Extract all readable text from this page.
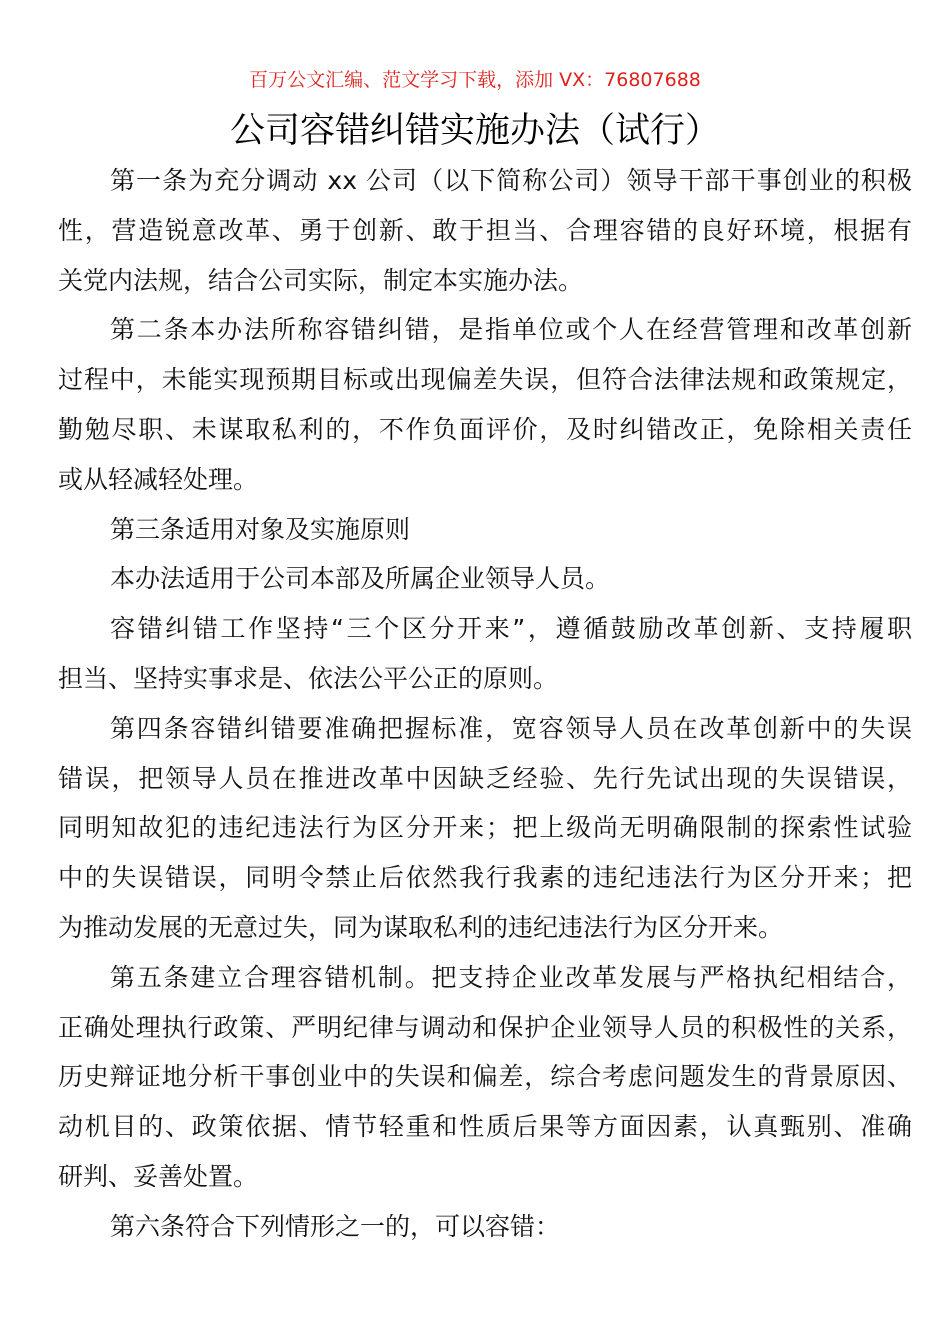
百万公文汇编、范文学习下载，添加 VX：76807688
公司容错纠错实施办法（试行）
第一条为充分调动 xx 公司（以下简称公司）领导干部干事创业的积极
性，营造锐意改革、勇于创新、敢于担当、合理容错的良好环境，根据有
关党内法规，结合公司实际，制定本实施办法。
第二条本办法所称容错纠错，是指单位或个人在经营管理和改革创新
过程中，未能实现预期目标或出现偏差失误，但符合法律法规和政策规定，
勤勉尽职、未谋取私利的，不作负面评价，及时纠错改正，免除相关责任
或从轻减轻处理。
第三条适用对象及实施原则
本办法适用于公司本部及所属企业领导人员。
容错纠错工作坚持“三个区分开来”，遵循鼓励改革创新、支持履职
担当、坚持实事求是、依法公平公正的原则。
第四条容错纠错要准确把握标准，宽容领导人员在改革创新中的失误
错误，把领导人员在推进改革中因缺乏经验、先行先试出现的失误错误，
同明知故犯的违纪违法行为区分开来；把上级尚无明确限制的探索性试验
中的失误错误，同明令禁止后依然我行我素的违纪违法行为区分开来；把
为推动发展的无意过失，同为谋取私利的违纪违法行为区分开来。
第五条建立合理容错机制。把支持企业改革发展与严格执纪相结合，
正确处理执行政策、严明纪律与调动和保护企业领导人员的积极性的关系，
历史辩证地分析干事创业中的失误和偏差，综合考虑问题发生的背景原因、
动机目的、政策依据、情节轻重和性质后果等方面因素，认真甄别、准确
研判、妥善处置。
第六条符合下列情形之一的，可以容错：
